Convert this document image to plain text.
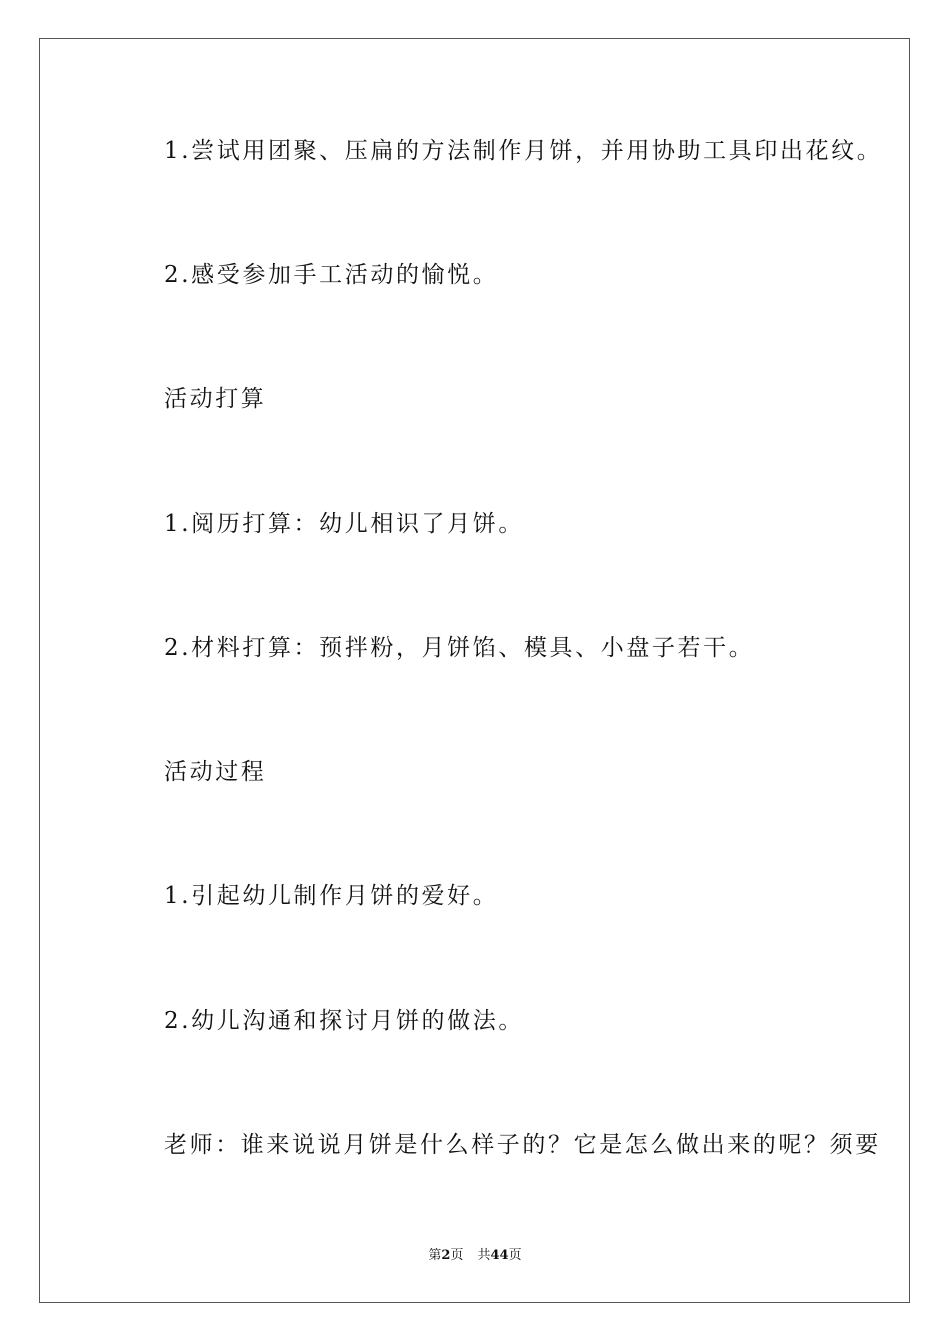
1.尝试用团聚、压扁的方法制作月饼，并用协助工具印出花纹。
2.感受参加手工活动的愉悦。
活动打算
1.阅历打算：幼儿相识了月饼。
2.材料打算：预拌粉，月饼馅、模具、小盘子若干。
活动过程
1.引起幼儿制作月饼的爱好。
2.幼儿沟通和探讨月饼的做法。
老师：谁来说说月饼是什么样子的？它是怎么做出来的呢？须要
第2页 共44页
